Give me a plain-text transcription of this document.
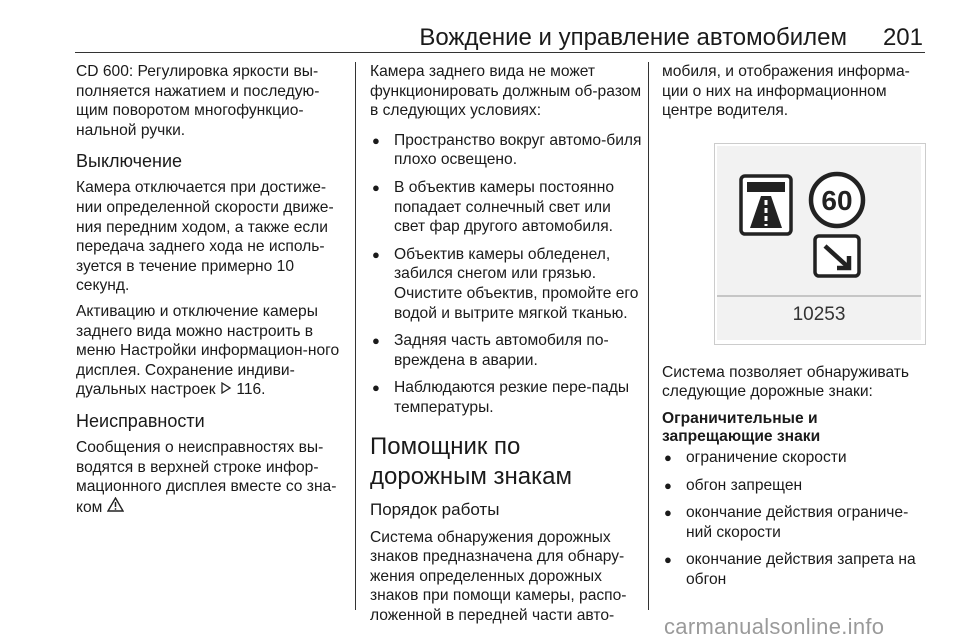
Вождение и управление автомобилем 201

CD 600: Регулировка яркости вы-полняется нажатием и последую-щим поворотом многофункцио-нальной ручки.

Выключение

Камера отключается при достиже-нии определенной скорости движе-ния передним ходом, а также если передача заднего хода не исполь-зуется в течение примерно 10 секунд.

Активацию и отключение камеры заднего вида можно настроить в меню Настройки информацион-ного дисплея. Сохранение индиви-дуальных настроек  116.

Неисправности

Сообщения о неисправностях вы-водятся в верхней строке инфор-мационного дисплея вместе со зна-ком

Камера заднего вида не может функционировать должным об-разом в следующих условиях:

● Пространство вокруг автомо-биля плохо освещено.
● В объектив камеры постоянно попадает солнечный свет или свет фар другого автомобиля.
● Объектив камеры обледенел, забился снегом или грязью. Очистите объектив, промойте его водой и вытрите мягкой тканью.
● Задняя часть автомобиля по-вреждена в аварии.
● Наблюдаются резкие пере-пады температуры.
Помощник по дорожным знакам
Порядок работы

Система обнаружения дорожных знаков предназначена для обнару-жения определенных дорожных знаков при помощи камеры, распо-ложенной в передней части авто-

мобиля, и отображения информа-ции о них на информационном центре водителя.

60
10253

Система позволяет обнаруживать следующие дорожные знаки:

Ограничительные и запрещающие знаки
● ограничение скорости
● обгон запрещен
● окончание действия ограниче-ний скорости
● окончание действия запрета на обгон
carmanualsonline.info
